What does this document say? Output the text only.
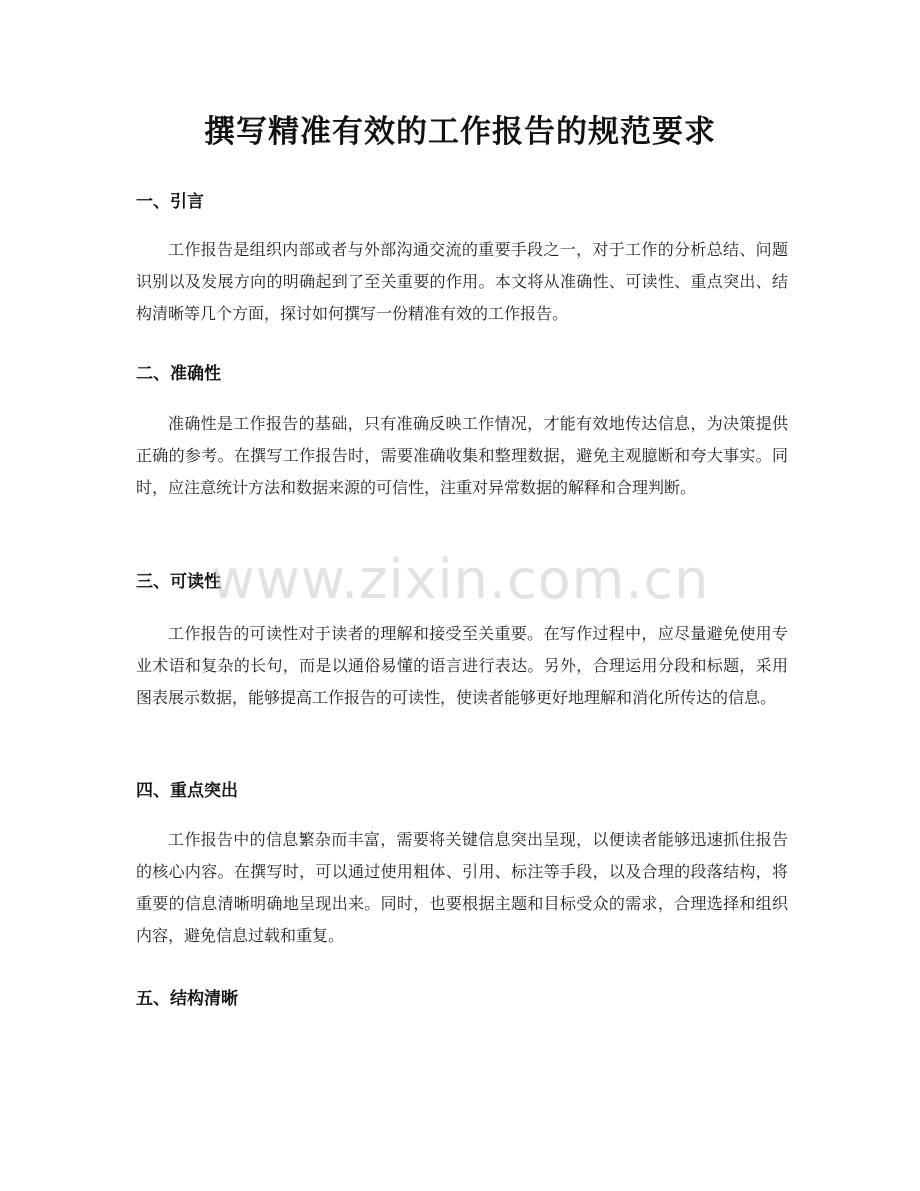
撰写精准有效的工作报告的规范要求
一、引言

工作报告是组织内部或者与外部沟通交流的重要手段之一，对于工作的分析总结、问题识别以及发展方向的明确起到了至关重要的作用。本文将从准确性、可读性、重点突出、结构清晰等几个方面，探讨如何撰写一份精准有效的工作报告。

二、准确性

准确性是工作报告的基础，只有准确反映工作情况，才能有效地传达信息，为决策提供正确的参考。在撰写工作报告时，需要准确收集和整理数据，避免主观臆断和夸大事实。同时，应注意统计方法和数据来源的可信性，注重对异常数据的解释和合理判断。

三、可读性

工作报告的可读性对于读者的理解和接受至关重要。在写作过程中，应尽量避免使用专业术语和复杂的长句，而是以通俗易懂的语言进行表达。另外，合理运用分段和标题，采用图表展示数据，能够提高工作报告的可读性，使读者能够更好地理解和消化所传达的信息。

四、重点突出

工作报告中的信息繁杂而丰富，需要将关键信息突出呈现，以便读者能够迅速抓住报告的核心内容。在撰写时，可以通过使用粗体、引用、标注等手段，以及合理的段落结构，将重要的信息清晰明确地呈现出来。同时，也要根据主题和目标受众的需求，合理选择和组织内容，避免信息过载和重复。

五、结构清晰
www.zixin.com.cn
